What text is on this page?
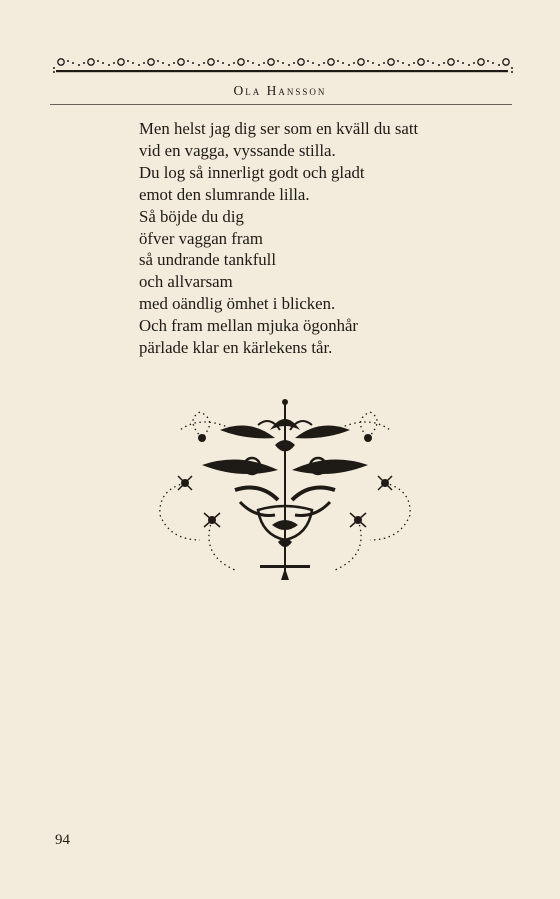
Ola Hansson
Men helst jag dig ser som en kväll du satt
vid en vagga, vyssande stilla.
Du log så innerligt godt och gladt
emot den slumrande lilla.
Så böjde du dig
öfver vaggan fram
så undrande tankfull
och allvarsam
med oändlig ömhet i blicken.
Och fram mellan mjuka ögonhår
pärlade klar en kärlekens tår.
94
